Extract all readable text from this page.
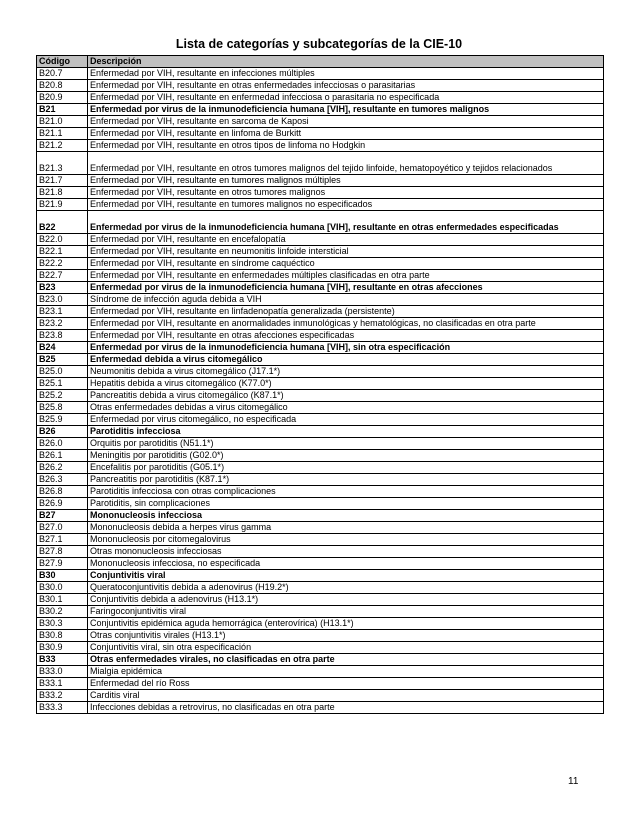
Lista de categorías y subcategorías de la CIE-10
Código	Descripción
B20.7	Enfermedad por VIH, resultante en infecciones múltiples
B20.8	Enfermedad por VIH, resultante en otras enfermedades infecciosas o parasitarias
B20.9	Enfermedad por VIH, resultante en enfermedad infecciosa o parasitaria no especificada
B21	Enfermedad por virus de la inmunodeficiencia humana [VIH], resultante en tumores malignos
B21.0	Enfermedad por VIH, resultante en sarcoma de Kaposi
B21.1	Enfermedad por VIH, resultante en linfoma de Burkitt
B21.2	Enfermedad por VIH, resultante en otros tipos de linfoma no Hodgkin
B21.3	Enfermedad por VIH, resultante en otros tumores malignos del tejido linfoide, hematopoyético y tejidos relacionados
B21.7	Enfermedad por VIH, resultante en tumores malignos múltiples
B21.8	Enfermedad por VIH, resultante en otros tumores malignos
B21.9	Enfermedad por VIH, resultante en tumores malignos no especificados
B22	Enfermedad por virus de la inmunodeficiencia humana [VIH], resultante en otras enfermedades especificadas
B22.0	Enfermedad por VIH, resultante en encefalopatía
B22.1	Enfermedad por VIH, resultante en neumonitis linfoide intersticial
B22.2	Enfermedad por VIH, resultante en síndrome caquéctico
B22.7	Enfermedad por VIH, resultante en enfermedades múltiples clasificadas en otra parte
B23	Enfermedad por virus de la inmunodeficiencia humana [VIH], resultante en otras afecciones
B23.0	Síndrome de infección aguda debida a VIH
B23.1	Enfermedad por VIH, resultante en linfadenopatía generalizada (persistente)
B23.2	Enfermedad por VIH, resultante en anormalidades inmunológicas y hematológicas, no clasificadas en otra parte
B23.8	Enfermedad por VIH, resultante en otras afecciones especificadas
B24	Enfermedad por virus de la inmunodeficiencia humana [VIH], sin otra especificación
B25	Enfermedad debida a virus citomegálico
B25.0	Neumonitis debida a virus citomegálico (J17.1*)
B25.1	Hepatitis debida a virus citomegálico (K77.0*)
B25.2	Pancreatitis debida a virus citomegálico (K87.1*)
B25.8	Otras enfermedades debidas a virus citomegálico
B25.9	Enfermedad por virus citomegálico, no especificada
B26	Parotiditis infecciosa
B26.0	Orquitis por parotiditis (N51.1*)
B26.1	Meningitis por parotiditis (G02.0*)
B26.2	Encefalitis por parotiditis (G05.1*)
B26.3	Pancreatitis por parotiditis (K87.1*)
B26.8	Parotiditis infecciosa con otras complicaciones
B26.9	Parotiditis, sin complicaciones
B27	Mononucleosis infecciosa
B27.0	Mononucleosis debida a herpes virus gamma
B27.1	Mononucleosis por citomegalovirus
B27.8	Otras mononucleosis infecciosas
B27.9	Mononucleosis infecciosa, no especificada
B30	Conjuntivitis viral
B30.0	Queratoconjuntivitis debida a adenovirus (H19.2*)
B30.1	Conjuntivitis debida a adenovirus (H13.1*)
B30.2	Faringoconjuntivitis viral
B30.3	Conjuntivitis epidémica aguda hemorrágica (enterovírica) (H13.1*)
B30.8	Otras conjuntivitis virales (H13.1*)
B30.9	Conjuntivitis viral, sin otra especificación
B33	Otras enfermedades virales, no clasificadas en otra parte
B33.0	Mialgia epidémica
B33.1	Enfermedad del río Ross
B33.2	Carditis viral
B33.3	Infecciones debidas a retrovirus, no clasificadas en otra parte
11
